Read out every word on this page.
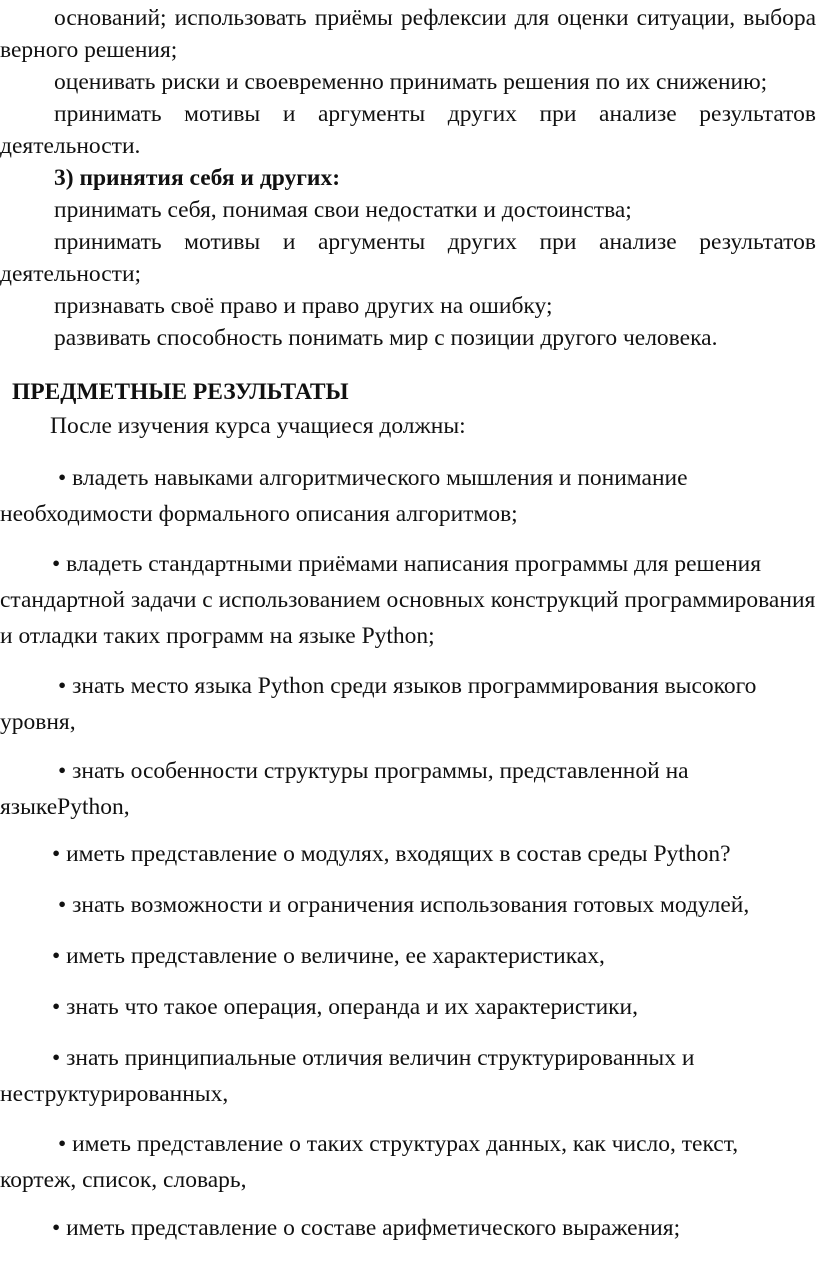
оснований; использовать приёмы рефлексии для оценки ситуации, выбора верного решения;

оценивать риски и своевременно принимать решения по их снижению;

принимать мотивы и аргументы других при анализе результатов деятельности.

3) принятия себя и других:

принимать себя, понимая свои недостатки и достоинства;

принимать мотивы и аргументы других при анализе результатов деятельности;

признавать своё право и право других на ошибку;

развивать способность понимать мир с позиции другого человека.

ПРЕДМЕТНЫЕ РЕЗУЛЬТАТЫ

После изучения курса учащиеся должны:

• владеть навыками алгоритмического мышления и понимание необходимости формального описания алгоритмов;

• владеть стандартными приёмами написания программы для решения стандартной задачи с использованием основных конструкций программирования и отладки таких программ на языке Python;

• знать место языка Python среди языков программирования высокого уровня,

• знать особенности структуры программы, представленной на языкеPython,

• иметь представление о модулях, входящих в состав среды Python?

• знать возможности и ограничения использования готовых модулей,

• иметь представление о величине, ее характеристиках,

• знать что такое операция, операнда и их характеристики,

• знать принципиальные отличия величин структурированных и неструктурированных,

• иметь представление о таких структурах данных, как число, текст, кортеж, список, словарь,

• иметь представление о составе арифметического выражения;
